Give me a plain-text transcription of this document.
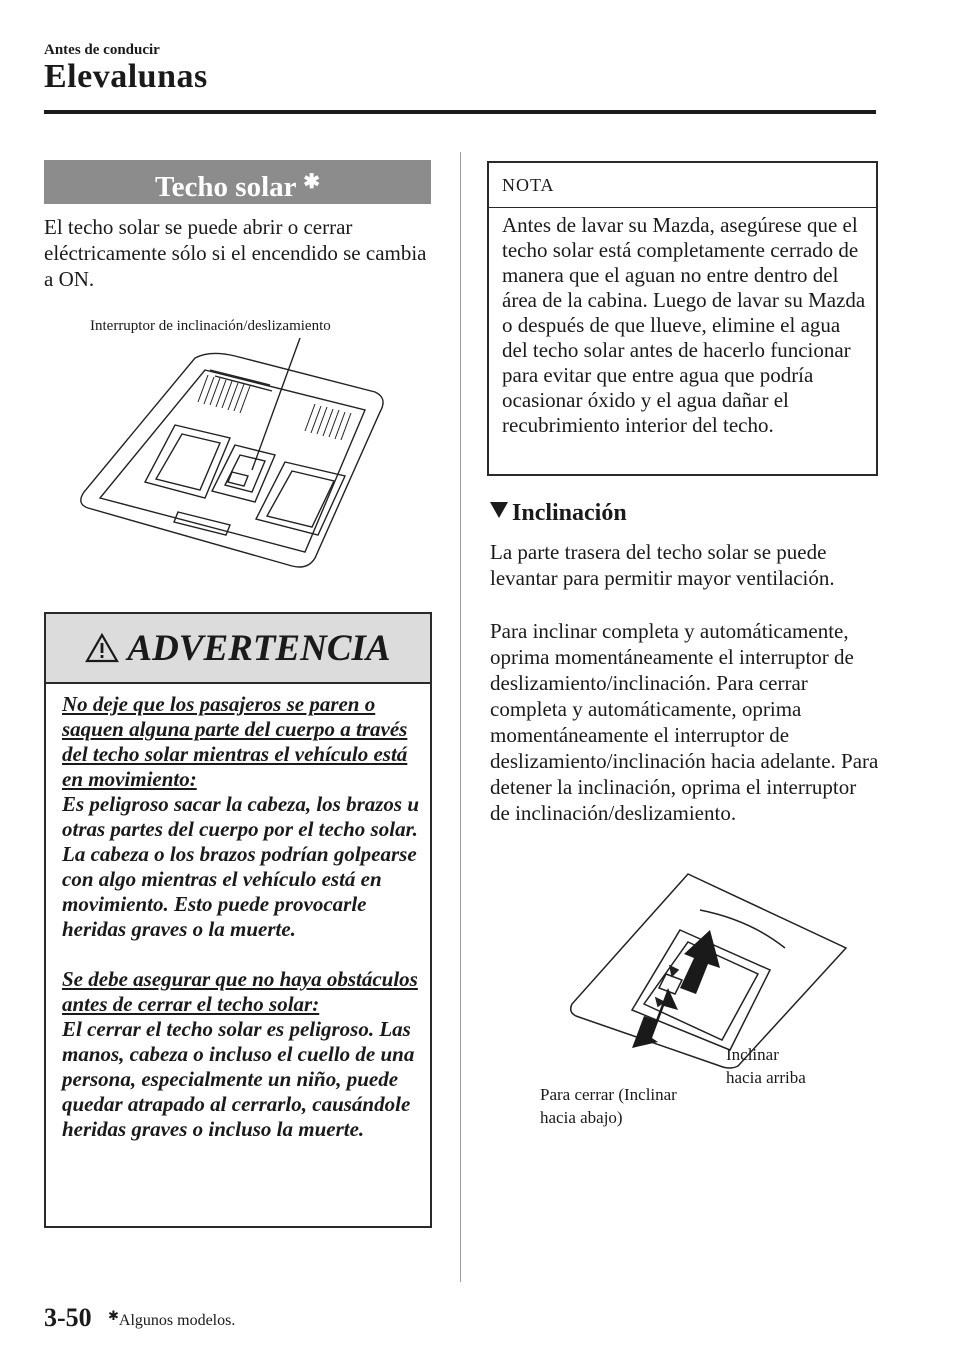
Antes de conducir
Elevalunas
Techo solar ✱
El techo solar se puede abrir o cerrar eléctricamente sólo si el encendido se cambia a ON.
Interruptor de inclinación/deslizamiento
ADVERTENCIA
No deje que los pasajeros se paren o saquen alguna parte del cuerpo a través del techo solar mientras el vehículo está en movimiento:
Es peligroso sacar la cabeza, los brazos u otras partes del cuerpo por el techo solar. La cabeza o los brazos podrían golpearse con algo mientras el vehículo está en movimiento. Esto puede provocarle heridas graves o la muerte.
Se debe asegurar que no haya obstáculos antes de cerrar el techo solar:
El cerrar el techo solar es peligroso. Las manos, cabeza o incluso el cuello de una persona, especialmente un niño, puede quedar atrapado al cerrarlo, causándole heridas graves o incluso la muerte.
NOTA
Antes de lavar su Mazda, asegúrese que el techo solar está completamente cerrado de manera que el aguan no entre dentro del área de la cabina. Luego de lavar su Mazda o después de que llueve, elimine el agua del techo solar antes de hacerlo funcionar para evitar que entre agua que podría ocasionar óxido y el agua dañar el recubrimiento interior del techo.
Inclinación
La parte trasera del techo solar se puede levantar para permitir mayor ventilación.
Para inclinar completa y automáticamente, oprima momentáneamente el interruptor de deslizamiento/inclinación. Para cerrar completa y automáticamente, oprima momentáneamente el interruptor de deslizamiento/inclinación hacia adelante. Para detener la inclinación, oprima el interruptor de inclinación/deslizamiento.
Inclinar
hacia arriba
Para cerrar (Inclinar
hacia abajo)
3-50 ✱Algunos modelos.
